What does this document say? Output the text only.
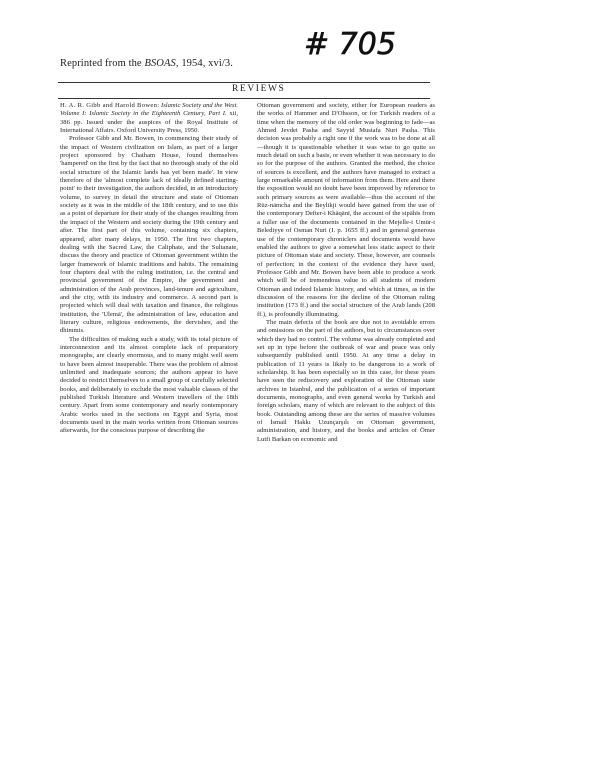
# 705
Reprinted from the BSOAS, 1954, xvi/3.
REVIEWS

H. A. R. Gibb and Harold Bowen: Islamic Society and the West. Volume I: Islamic Society in the Eighteenth Century, Part I. xii, 386 pp. Issued under the auspices of the Royal Institute of International Affairs. Oxford University Press, 1950.

Professor Gibb and Mr. Bowen, in commencing their study of the impact of Western civilization on Islam, as part of a larger project sponsored by Chatham House, found themselves 'hampered' on the first by the fact that no thorough study of the old social structure of the Islamic lands has yet been made'. In view therefore of the 'almost complete lack of ideally defined starting-point' to their investigation, the authors decided, in an introductory volume, to survey in detail the structure and state of Ottoman society as it was in the middle of the 18th century, and to use this as a point of departure for their study of the changes resulting from the impact of the Western and society during the 19th century and after. The first part of this volume, containing six chapters, appeared, after many delays, in 1950. The first two chapters, dealing with the Sacred Law, the Caliphate, and the Sultanate, discuss the theory and practice of Ottoman government within the larger framework of Islamic traditions and habits. The remaining four chapters deal with the ruling institution, i.e. the central and provincial government of the Empire, the government and administration of the Arab provinces, land-tenure and agriculture, and the city, with its industry and commerce. A second part is projected which will deal with taxation and finance, the religious institution, the 'Ulemā', the administration of law, education and literary culture, religious endowments, the dervishes, and the dhimmis.

The difficulties of making such a study, with its total picture of interconnexion and its almost complete lack of preparatory monographs, are clearly enormous, and to many might well seem to have been almost insuperable. There was the problem of almost unlimited and inadequate sources; the authors appear to have decided to restrict themselves to a small group of carefully selected books, and deliberately to exclude the most valuable classes of the published Turkish literature and Western travellers of the 18th century. Apart from some contemporary and nearly contemporary Arabic works used in the sections on Egypt and Syria, most documents used in the main works written from Ottoman sources afterwards, for the conscious purpose of describing the

Ottoman government and society, either for European readers as the works of Hammer and D'Ohsson, or for Turkish readers of a time when the memory of the old order was beginning to fade—as Ahmed Jevdet Pasha and Sayyid Mustafa Nuri Pasha. This decision was probably a right one if the work was to be done at all—though it is questionable whether it was wise to go quite so much detail on such a basis, or even whether it was necessary to do so for the purpose of the authors. Granted the method, the choice of sources is excellent, and the authors have managed to extract a large remarkable amount of information from them. Here and there the exposition would no doubt have been improved by reference to such primary sources as were available—thus the account of the Rūz-nāmcha and the Beylikji would have gained from the use of the contemporary Defter-i Khāqānī, the account of the sipāhīs from a fuller use of the documents contained in the Mejelle-i Umūr-i Belediyye of Osman Nuri (I. p. 1655 ff.) and in general generous use of the contemporary chroniclers and documents would have enabled the authors to give a somewhat less static aspect to their picture of Ottoman state and society. These, however, are counsels of perfection; in the context of the evidence they have used, Professor Gibb and Mr. Bowen have been able to produce a work which will be of tremendous value to all students of modern Ottoman and indeed Islamic history, and which at times, as in the discussion of the reasons for the decline of the Ottoman ruling institution (173 ff.) and the social structure of the Arab lands (208 ff.), is profoundly illuminating.

The main defects of the book are due not to avoidable errors and omissions on the part of the authors, but to circumstances over which they had no control. The volume was already completed and set up in type before the outbreak of war and peace was only subsequently published until 1950. At any time a delay in publication of 11 years is likely to be dangerous to a work of scholarship. It has been especially so in this case, for these years have seen the rediscovery and exploration of the Ottoman state archives in Istanbul, and the publication of a series of important documents, monographs, and even general works by Turkish and foreign scholars, many of which are relevant to the subject of this book. Outstanding among these are the series of massive volumes of İsmail Hakkı Uzunçarşılı on Ottoman government, administration, and history, and the books and articles of Ömer Lutfi Barkan on economic and
